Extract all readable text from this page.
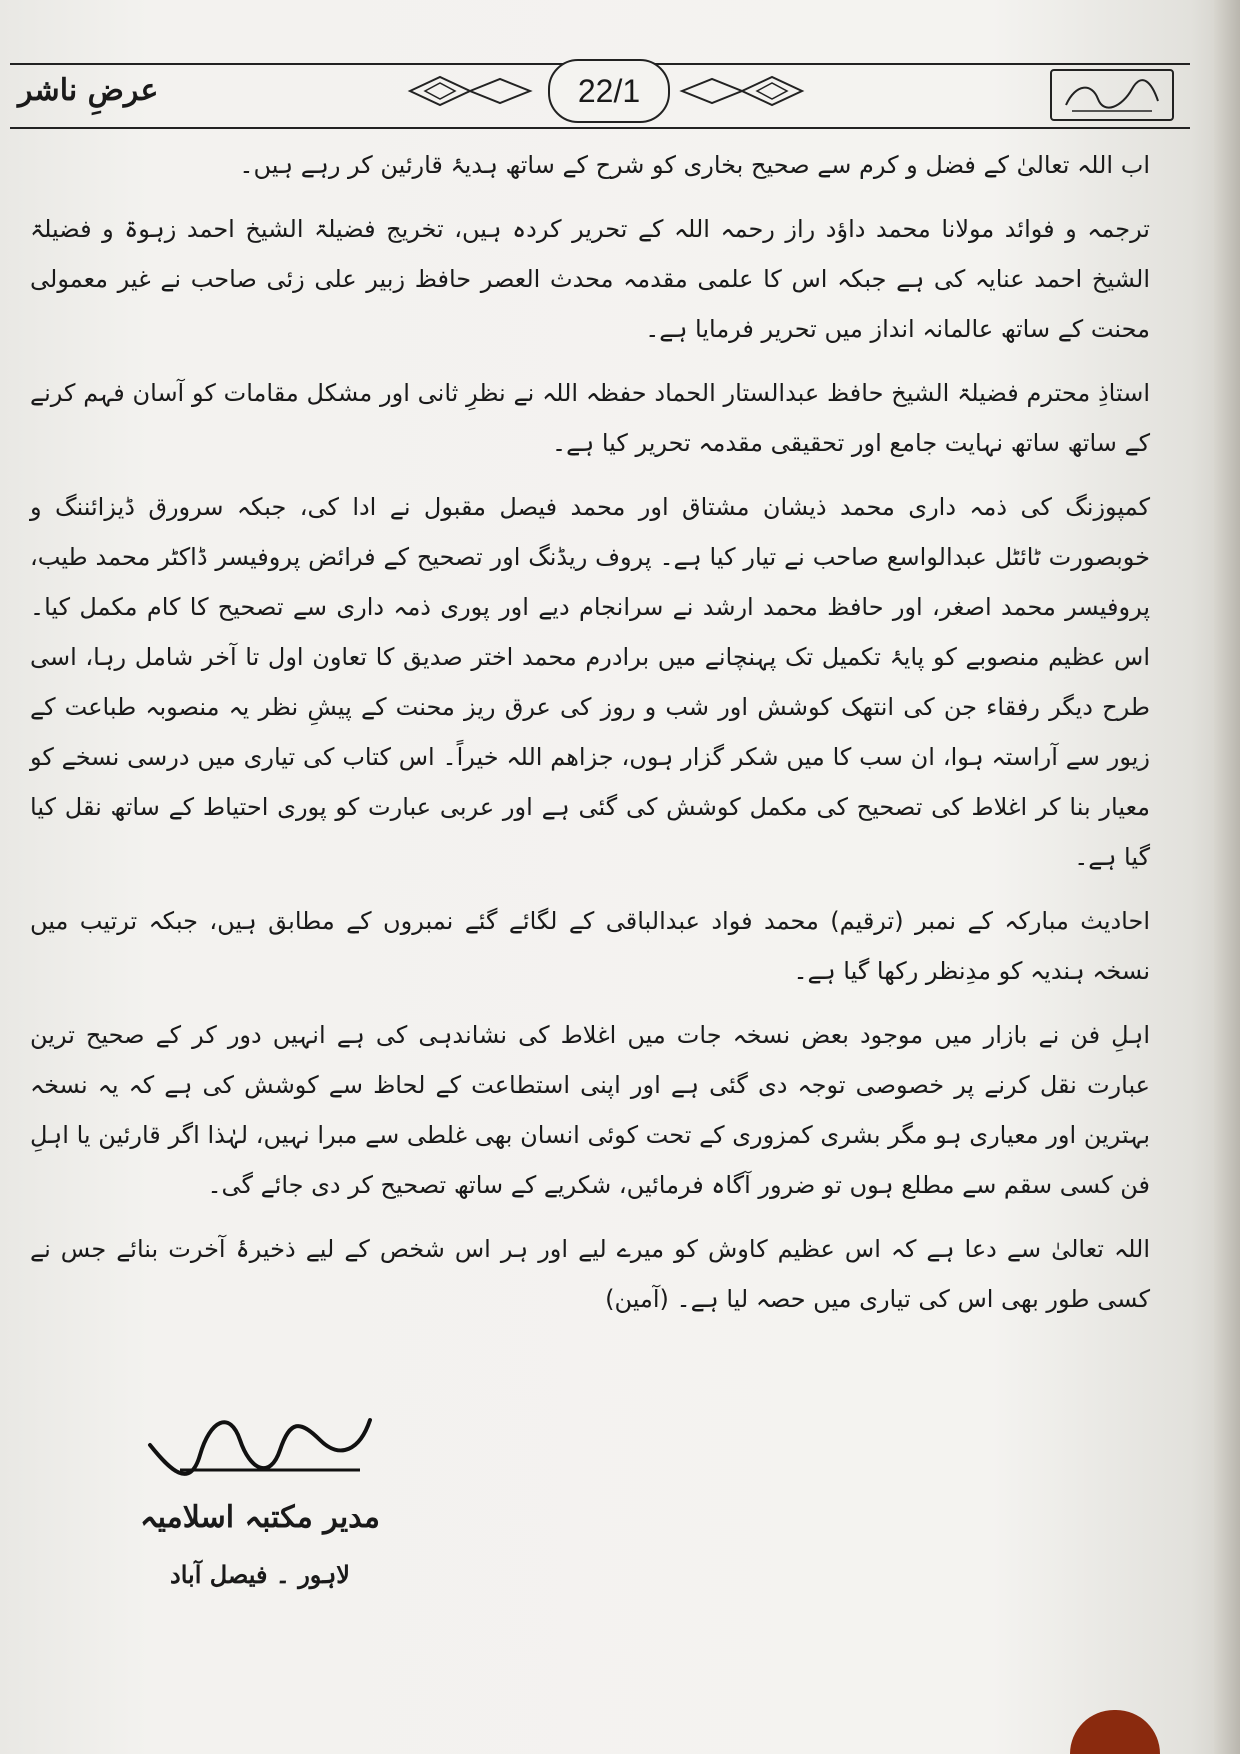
عرضِ ناشر	22/1

اب اللہ تعالیٰ کے فضل و کرم سے صحیح بخاری کو شرح کے ساتھ ہدیۂ قارئین کر رہے ہیں۔

ترجمہ و فوائد مولانا محمد داؤد راز رحمہ اللہ کے تحریر کردہ ہیں، تخریج فضیلۃ الشیخ احمد زہوۃ و فضیلۃ الشیخ احمد عنایہ کی ہے جبکہ اس کا علمی مقدمہ محدث العصر حافظ زبیر علی زئی صاحب نے غیر معمولی محنت کے ساتھ عالمانہ انداز میں تحریر فرمایا ہے۔

استاذِ محترم فضیلۃ الشیخ حافظ عبدالستار الحماد حفظہ اللہ نے نظرِ ثانی اور مشکل مقامات کو آسان فہم کرنے کے ساتھ ساتھ نہایت جامع اور تحقیقی مقدمہ تحریر کیا ہے۔

کمپوزنگ کی ذمہ داری محمد ذیشان مشتاق اور محمد فیصل مقبول نے ادا کی، جبکہ سرورق ڈیزائننگ و خوبصورت ٹائٹل عبدالواسع صاحب نے تیار کیا ہے۔ پروف ریڈنگ اور تصحیح کے فرائض پروفیسر ڈاکٹر محمد طیب، پروفیسر محمد اصغر، اور حافظ محمد ارشد نے سرانجام دیے اور پوری ذمہ داری سے تصحیح کا کام مکمل کیا۔ اس عظیم منصوبے کو پایۂ تکمیل تک پہنچانے میں برادرم محمد اختر صدیق کا تعاون اول تا آخر شامل رہا، اسی طرح دیگر رفقاء جن کی انتھک کوشش اور شب و روز کی عرق ریز محنت کے پیشِ نظر یہ منصوبہ طباعت کے زیور سے آراستہ ہوا، ان سب کا میں شکر گزار ہوں، جزاھم اللہ خیراً۔ اس کتاب کی تیاری میں درسی نسخے کو معیار بنا کر اغلاط کی تصحیح کی مکمل کوشش کی گئی ہے اور عربی عبارت کو پوری احتیاط کے ساتھ نقل کیا گیا ہے۔

احادیث مبارکہ کے نمبر (ترقیم) محمد فواد عبدالباقی کے لگائے گئے نمبروں کے مطابق ہیں، جبکہ ترتیب میں نسخہ ہندیہ کو مدِنظر رکھا گیا ہے۔

اہلِ فن نے بازار میں موجود بعض نسخہ جات میں اغلاط کی نشاندہی کی ہے انہیں دور کر کے صحیح ترین عبارت نقل کرنے پر خصوصی توجہ دی گئی ہے اور اپنی استطاعت کے لحاظ سے کوشش کی ہے کہ یہ نسخہ بہترین اور معیاری ہو مگر بشری کمزوری کے تحت کوئی انسان بھی غلطی سے مبرا نہیں، لہٰذا اگر قارئین یا اہلِ فن کسی سقم سے مطلع ہوں تو ضرور آگاہ فرمائیں، شکریے کے ساتھ تصحیح کر دی جائے گی۔

اللہ تعالیٰ سے دعا ہے کہ اس عظیم کاوش کو میرے لیے اور ہر اس شخص کے لیے ذخیرۂ آخرت بنائے جس نے کسی طور بھی اس کی تیاری میں حصہ لیا ہے۔ (آمین)

مدیر مکتبہ اسلامیہ
لاہور ۔ فیصل آباد
